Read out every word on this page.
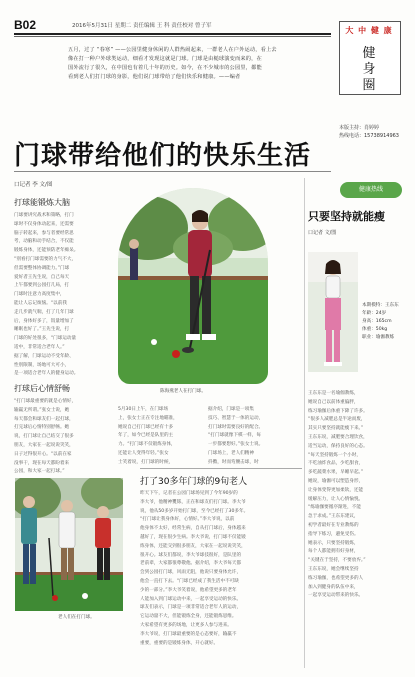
B02	2016年5月31日 星期二 责任编辑 王 科 责任校对 曾子军	大 中 健 康
健
身
圈
五月，过了 “春寒” ——公园里健身休闲的人群热闹起来，一群老人在户外运动，看上去
像在打一种户外球类运动，细看才发现这就是门球。门球是由槌球演变而来的，在
国外流行了很久，在中国也有着几十年的历史。如今，在不少城市的公园里，都能
看到老人们打门球的身影，他们说门球带给了他们快乐和健康。——编者
本版主持：肖婷婷
热线电话：15738914963
门球带给他们的快乐生活
口记者 李 文/图
打球能锻炼大脑
门球要讲究战术和策略，打门
球时不仅身体动起来，还需要
脑子转起来，参与者要经常思
考，动脑和动手结合，不仅能
锻炼身体，还能预防老年痴呆。
“别看打门球需要的力气不大，
但需要整体协调能力。”门球
爱好者王先生说，自己每天
上午都要到公园打几局，打
门球时注意力高度集中，
能让人忘记烦恼。“以前我
走几步就气喘，打了几年门球
后，身体好多了，饭量增加了
睡眠也好了。”王先生说，打
门球的好处很多，“门球运动量
适中，非常适合老年人。”
据了解，门球运动不受年龄、
性别限制，场地可大可小，
是一项适合老年人的健身运动。
打球后心情舒畅
“打门球最重要的就是心情好，
输赢无所谓。”张女士说，她
每天都会和球友们一起打球，
打完球后心情特别舒畅。她
说，打门球让自己结交了很多
朋友，大家在一起说说笑笑，
日子过得很开心。“以前在家
没事干，现在每天都盼着来
公园，和大家一起打球。”
陈海燕老人在打门球。
5月30日上午，在门球场
上，张女士正在专注地瞄准，
她说自己打门球已经有十多
年了，如今已经是队里的主
力。“打门球不仅锻炼身体，
还能让人变得年轻。”张女
士笑着说，打门球的时候，
据介绍，门球是一项集
技巧、智慧于一体的运动，
打门球时需要良好的配合。
“打门球就像下棋一样，每
一步都要想好。”张女士说。
门球场上，老人们精神
抖擞，时而弯腰击球，时
健康热线
只要坚持就能瘦
口记者 文/图
本期模特：王东东
年龄：24岁
身高：165cm
体重：50kg
职业：瑜伽教练
王东东是一名瑜伽教练，
她说自己以前体重偏胖，
练习瑜伽后体重下降了许多。
“很多人减肥总是半途而废，
其实只要坚持就能瘦下来。”
王东东说，减肥要合理饮食，
适当运动，保持良好的心态。
“每天坚持锻炼一个小时，
不吃油炸食品，少吃甜食，
多吃蔬菜水果，早睡早起。”
她说，瑜伽可以塑造身形，
让身体变得更加柔软，还能
缓解压力，让人心情愉悦。
“练瑜伽要循序渐进，不能
急于求成。”王东东建议，
初学者最好在专业教练的
指导下练习，避免受伤。
她表示，只要坚持锻炼，
每个人都能拥有好身材，
“关键在于坚持，不要放弃。”
王东东说，她会继续坚持
练习瑜伽，也希望更多的人
加入到健身的队伍中来，
一起享受运动带来的快乐。
打了30多年门球的9旬老人
昨天下午，记者在公园门球场见到了今年90岁的
李大爷，他精神矍铄，正在和球友们打门球。李大爷
说，他从50多岁开始打门球，至今已经打了30多年。
“打门球让我身体好，心情好。”李大爷说，以前
他身体不太好，经常生病，自从打门球后，身体越来
越好了，现在很少生病。李大爷说，打门球不仅能锻
炼身体，还能交到很多朋友，大家在一起说说笑笑，
很开心。球友们都说，李大爷球技很好，是队里的
老前辈，大家都很尊敬他。据介绍，李大爷每天都
会到公园打门球，风雨无阻，他说只要身体允许，
他会一直打下去。“门球已经成了我生活中不可缺
少的一部分。”李大爷笑着说，他希望更多的老年
人能加入到门球运动中来，一起享受运动的快乐。
球友们表示，门球是一项非常适合老年人的运动，
它运动量不大，但能锻炼全身，还能锻炼思维。
大家希望有更多的场地，让更多人参与进来。
李大爷说，打门球最重要的是心态要好，输赢不
重要，重要的是锻炼身体，开心就好。
老人们在打门球。
